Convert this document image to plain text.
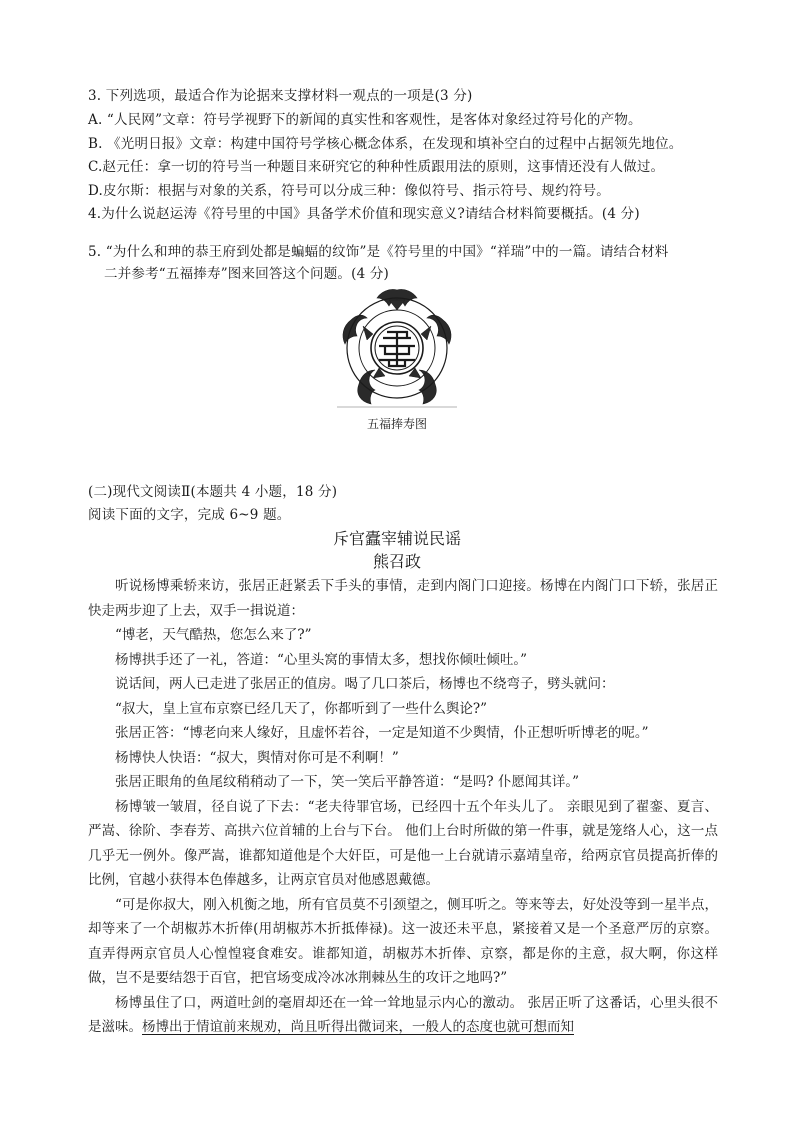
3. 下列选项，最适合作为论据来支撑材料一观点的一项是(3 分)
A. “人民网”文章：符号学视野下的新闻的真实性和客观性，是客体对象经过符号化的产物。
B. 《光明日报》文章：构建中国符号学核心概念体系，在发现和填补空白的过程中占据领先地位。
C.赵元任：拿一切的符号当一种题目来研究它的种种性质跟用法的原则，这事情还没有人做过。
D.皮尔斯：根据与对象的关系，符号可以分成三种：像似符号、指示符号、规约符号。
4.为什么说赵运涛《符号里的中国》具备学术价值和现实意义?请结合材料简要概括。(4 分)
5. “为什么和珅的恭王府到处都是蝙蝠的纹饰”是《符号里的中国》“祥瑞”中的一篇。请结合材料
二并参考“五福捧寿”图来回答这个问题。(4 分)
五福捧寿图
(二)现代文阅读Ⅱ(本题共 4 小题，18 分)
阅读下面的文字，完成 6~9 题。
斥官蠹宰辅说民谣
熊召政

听说杨博乘轿来访，张居正赶紧丢下手头的事情，走到内阁门口迎接。杨博在内阁门口下轿，张居正快走两步迎了上去，双手一揖说道：

“博老，天气酷热，您怎么来了?”

杨博拱手还了一礼，答道：“心里头窝的事情太多，想找你倾吐倾吐。”

说话间，两人已走进了张居正的值房。喝了几口茶后，杨博也不绕弯子，劈头就问：

“叔大，皇上宣布京察已经几天了，你都听到了一些什么舆论?”

张居正答：“博老向来人缘好，且虚怀若谷，一定是知道不少舆情，仆正想听听博老的呢。”

杨博快人快语：“叔大，舆情对你可是不利啊！”

张居正眼角的鱼尾纹稍稍动了一下，笑一笑后平静答道：“是吗? 仆愿闻其详。”

杨博皱一皱眉，径自说了下去：“老夫待罪官场，已经四十五个年头儿了。 亲眼见到了翟銮、夏言、严嵩、徐阶、李春芳、高拱六位首辅的上台与下台。 他们上台时所做的第一件事，就是笼络人心，这一点几乎无一例外。像严嵩，谁都知道他是个大奸臣，可是他一上台就请示嘉靖皇帝，给两京官员提高折俸的比例，官越小获得本色俸越多，让两京官员对他感恩戴德。

“可是你叔大，刚入机衡之地，所有官员莫不引颈望之，侧耳听之。等来等去，好处没等到一星半点，却等来了一个胡椒苏木折俸(用胡椒苏木折抵俸禄)。这一波还未平息，紧接着又是一个圣意严厉的京察。直弄得两京官员人心惶惶寝食难安。谁都知道，胡椒苏木折俸、京察，都是你的主意，叔大啊，你这样做，岂不是要结怨于百官，把官场变成冷冰冰荆棘丛生的攻讦之地吗?”

杨博虽住了口，两道吐剑的毫眉却还在一耸一耸地显示内心的激动。 张居正听了这番话，心里头很不是滋味。杨博出于情谊前来规劝，尚且听得出微词来，一般人的态度也就可想而知
